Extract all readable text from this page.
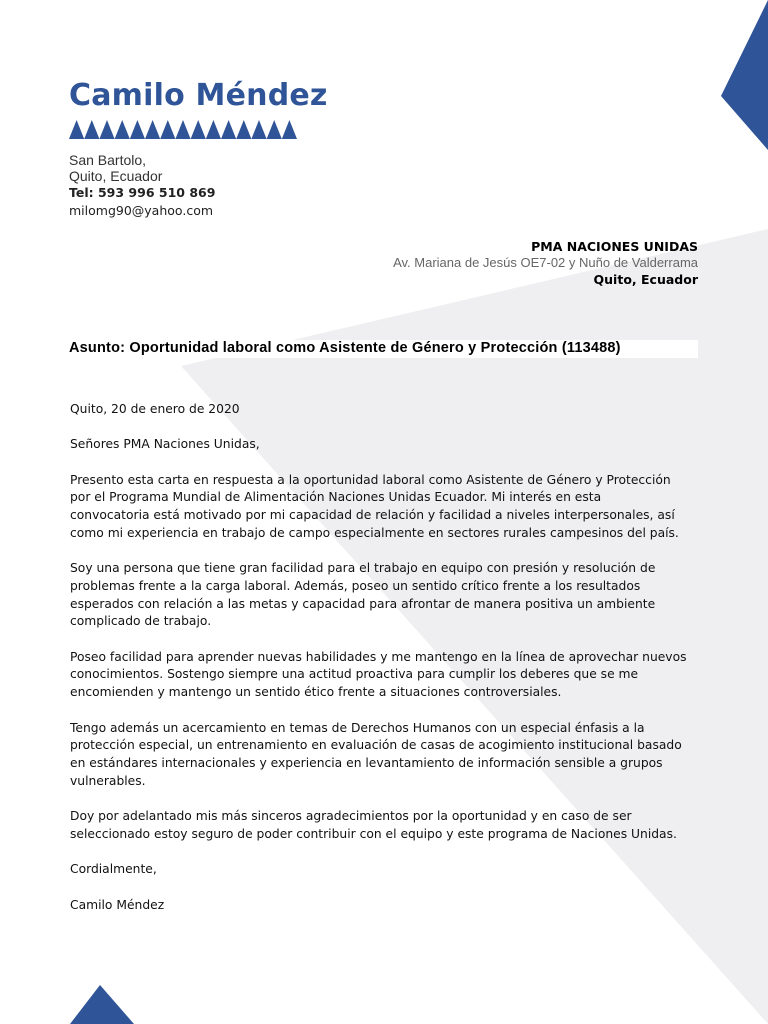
Camilo Méndez
San Bartolo,
Quito, Ecuador
Tel: 593 996 510 869
milomg90@yahoo.com
PMA NACIONES UNIDAS
Av. Mariana de Jesús OE7-02 y Nuño de Valderrama
Quito, Ecuador
Asunto: Oportunidad laboral como Asistente de Género y Protección (113488)

Quito, 20 de enero de 2020

Señores PMA Naciones Unidas,

Presento esta carta en respuesta a la oportunidad laboral como Asistente de Género y Protección
por el Programa Mundial de Alimentación Naciones Unidas Ecuador. Mi interés en esta
convocatoria está motivado por mi capacidad de relación y facilidad a niveles interpersonales, así
como mi experiencia en trabajo de campo especialmente en sectores rurales campesinos del país.

Soy una persona que tiene gran facilidad para el trabajo en equipo con presión y resolución de
problemas frente a la carga laboral. Además, poseo un sentido crítico frente a los resultados
esperados con relación a las metas y capacidad para afrontar de manera positiva un ambiente
complicado de trabajo.

Poseo facilidad para aprender nuevas habilidades y me mantengo en la línea de aprovechar nuevos
conocimientos. Sostengo siempre una actitud proactiva para cumplir los deberes que se me
encomienden y mantengo un sentido ético frente a situaciones controversiales.

Tengo además un acercamiento en temas de Derechos Humanos con un especial énfasis a la
protección especial, un entrenamiento en evaluación de casas de acogimiento institucional basado
en estándares internacionales y experiencia en levantamiento de información sensible a grupos
vulnerables.

Doy por adelantado mis más sinceros agradecimientos por la oportunidad y en caso de ser
seleccionado estoy seguro de poder contribuir con el equipo y este programa de Naciones Unidas.

Cordialmente,

Camilo Méndez
